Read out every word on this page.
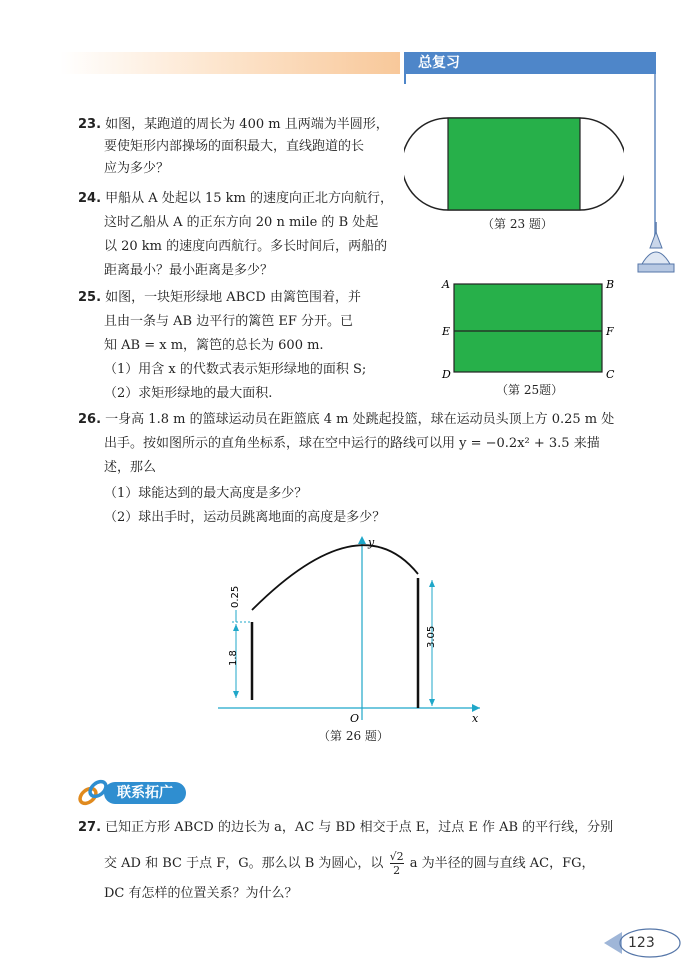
总复习
23. 如图，某跑道的周长为 400 m 且两端为半圆形，
要使矩形内部操场的面积最大，直线跑道的长
应为多少？
（第 23 题）
24. 甲船从 A 处起以 15 km 的速度向正北方向航行，
这时乙船从 A 的正东方向 20 n mile 的 B 处起
以 20 km 的速度向西航行。多长时间后，两船的
距离最小？最小距离是多少？
25. 如图，一块矩形绿地 ABCD 由篱笆围着，并
且由一条与 AB 边平行的篱笆 EF 分开。已
知 AB = x m，篱笆的总长为 600 m.
（1）用含 x 的代数式表示矩形绿地的面积 S;
（2）求矩形绿地的最大面积.
A	B
E	F
D	C
（第 25题）
26. 一身高 1.8 m 的篮球运动员在距篮底 4 m 处跳起投篮，球在运动员头顶上方 0.25 m 处
出手。按如图所示的直角坐标系，球在空中运行的路线可以用 y = −0.2x² + 3.5 来描
述，那么
（1）球能达到的最大高度是多少？
（2）球出手时，运动员跳离地面的高度是多少？
y
x
O
0.25
1.8
3.05
（第 26 题）
联系拓广
27. 已知正方形 ABCD 的边长为 a，AC 与 BD 相交于点 E，过点 E 作 AB 的平行线，分别
交 AD 和 BC 于点 F，G。那么以 B 为圆心，以 $\frac{√2}{2}$ a 为半径的圆与直线 AC，FG，
DC 有怎样的位置关系？为什么？
123
